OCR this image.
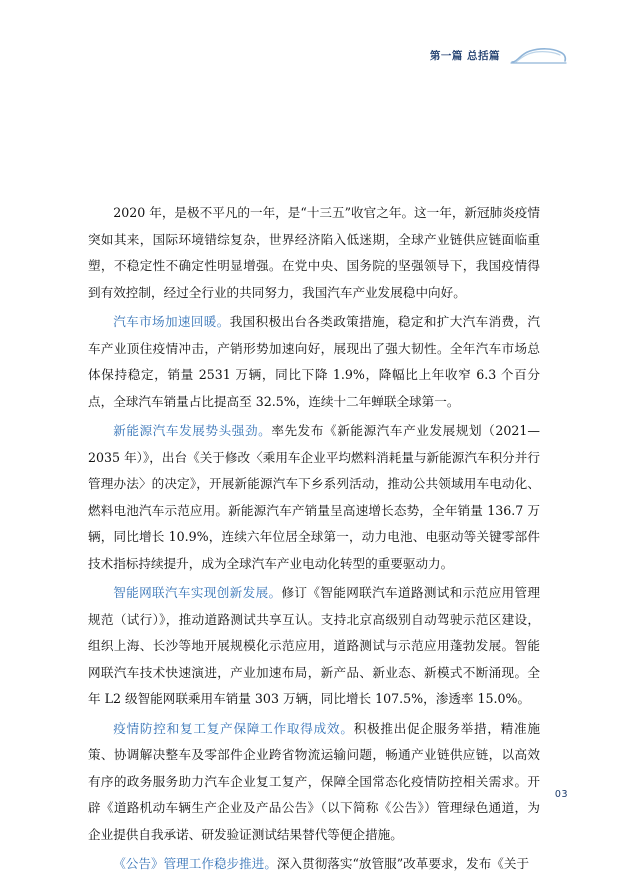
第一篇 总括篇

2020 年，是极不平凡的一年，是“十三五”收官之年。这一年，新冠肺炎疫情突如其来，国际环境错综复杂，世界经济陷入低迷期，全球产业链供应链面临重塑，不稳定性不确定性明显增强。在党中央、国务院的坚强领导下，我国疫情得到有效控制，经过全行业的共同努力，我国汽车产业发展稳中向好。

汽车市场加速回暖。我国积极出台各类政策措施，稳定和扩大汽车消费，汽车产业顶住疫情冲击，产销形势加速向好，展现出了强大韧性。全年汽车市场总体保持稳定，销量 2531 万辆，同比下降 1.9%，降幅比上年收窄 6.3 个百分点，全球汽车销量占比提高至 32.5%，连续十二年蝉联全球第一。

新能源汽车发展势头强劲。率先发布《新能源汽车产业发展规划（2021—2035 年）》，出台《关于修改〈乘用车企业平均燃料消耗量与新能源汽车积分并行管理办法〉的决定》，开展新能源汽车下乡系列活动，推动公共领域用车电动化、燃料电池汽车示范应用。新能源汽车产销量呈高速增长态势，全年销量 136.7 万辆，同比增长 10.9%，连续六年位居全球第一，动力电池、电驱动等关键零部件技术指标持续提升，成为全球汽车产业电动化转型的重要驱动力。

智能网联汽车实现创新发展。修订《智能网联汽车道路测试和示范应用管理规范（试行）》，推动道路测试共享互认。支持北京高级别自动驾驶示范区建设，组织上海、长沙等地开展规模化示范应用，道路测试与示范应用蓬勃发展。智能网联汽车技术快速演进，产业加速布局，新产品、新业态、新模式不断涌现。全年 L2 级智能网联乘用车销量 303 万辆，同比增长 107.5%，渗透率 15.0%。

疫情防控和复工复产保障工作取得成效。积极推出促企服务举措，精准施策、协调解决整车及零部件企业跨省物流运输问题，畅通产业链供应链，以高效有序的政务服务助力汽车企业复工复产，保障全国常态化疫情防控相关需求。开辟《道路机动车辆生产企业及产品公告》（以下简称《公告》）管理绿色通道，为企业提供自我承诺、研发验证测试结果替代等便企措施。

《公告》管理工作稳步推进。深入贯彻落实“放管服”改革要求，发布《关于

03
